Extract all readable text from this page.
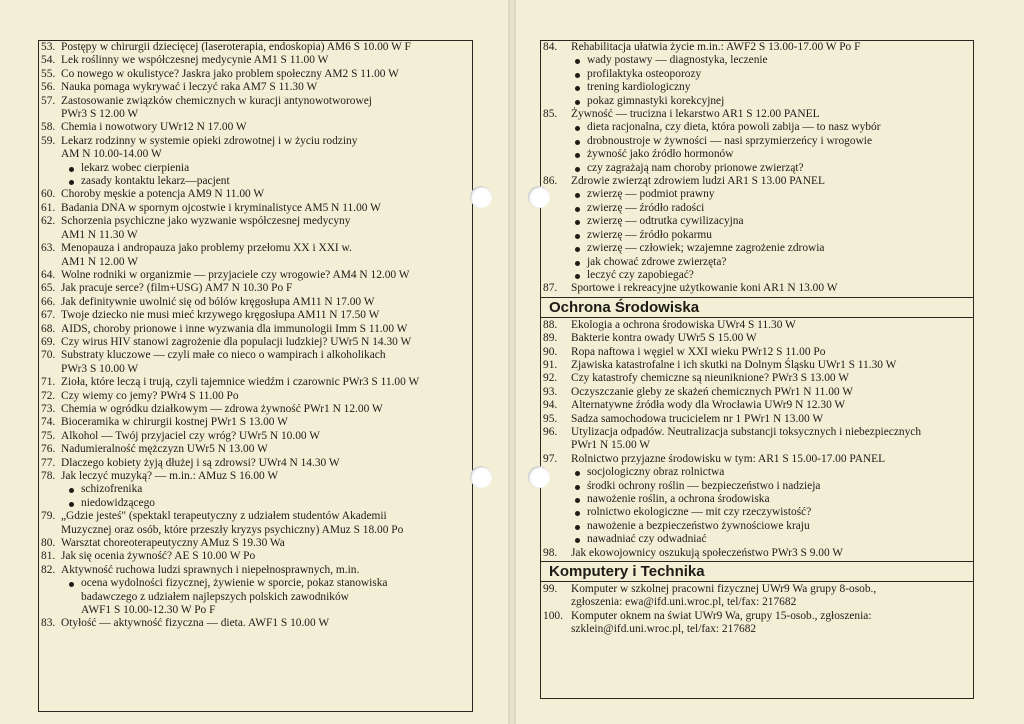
53. Postępy w chirurgii dziecięcej (laseroterapia, endoskopia) AM6 S 10.00 W F
54. Lek roślinny we współczesnej medycynie AM1 S 11.00 W
55. Co nowego w okulistyce? Jaskra jako problem społeczny AM2 S 11.00 W
56. Nauka pomaga wykrywać i leczyć raka AM7 S 11.30 W
57. Zastosowanie związków chemicznych w kuracji antynowotworowej
PWr3 S 12.00 W
58. Chemia i nowotwory UWr12 N 17.00 W
59. Lekarz rodzinny w systemie opieki zdrowotnej i w życiu rodziny
AM N 10.00-14.00 W
lekarz wobec cierpienia
zasady kontaktu lekarz—pacjent
60. Choroby męskie a potencja AM9 N 11.00 W
61. Badania DNA w spornym ojcostwie i kryminalistyce AM5 N 11.00 W
62. Schorzenia psychiczne jako wyzwanie współczesnej medycyny
AM1 N 11.30 W
63. Menopauza i andropauza jako problemy przełomu XX i XXI w.
AM1 N 12.00 W
64. Wolne rodniki w organizmie — przyjaciele czy wrogowie? AM4 N 12.00 W
65. Jak pracuje serce? (film+USG) AM7 N 10.30 Po F
66. Jak definitywnie uwolnić się od bólów kręgosłupa AM11 N 17.00 W
67. Twoje dziecko nie musi mieć krzywego kręgosłupa AM11 N 17.50 W
68. AIDS, choroby prionowe i inne wyzwania dla immunologii Imm S 11.00 W
69. Czy wirus HIV stanowi zagrożenie dla populacji ludzkiej? UWr5 N 14.30 W
70. Substraty kluczowe — czyli małe co nieco o wampirach i alkoholikach
PWr3 S 10.00 W
71. Zioła, które leczą i trują, czyli tajemnice wiedźm i czarownic PWr3 S 11.00 W
72. Czy wiemy co jemy? PWr4 S 11.00 Po
73. Chemia w ogródku działkowym — zdrowa żywność PWr1 N 12.00 W
74. Bioceramika w chirurgii kostnej PWr1 S 13.00 W
75. Alkohol — Twój przyjaciel czy wróg? UWr5 N 10.00 W
76. Nadumieralność mężczyzn UWr5 N 13.00 W
77. Dlaczego kobiety żyją dłużej i są zdrowsi? UWr4 N 14.30 W
78. Jak leczyć muzyką? — m.in.: AMuz S 16.00 W
schizofrenika
niedowidzącego
79. „Gdzie jesteś" (spektakl terapeutyczny z udziałem studentów Akademii
Muzycznej oraz osób, które przeszły kryzys psychiczny) AMuz S 18.00 Po
80. Warsztat choreoterapeutyczny AMuz S 19.30 Wa
81. Jak się ocenia żywność? AE S 10.00 W Po
82. Aktywność ruchowa ludzi sprawnych i niepełnosprawnych, m.in.
ocena wydolności fizycznej, żywienie w sporcie, pokaz stanowiska
badawczego z udziałem najlepszych polskich zawodników
AWF1 S 10.00-12.30 W Po F
83. Otyłość — aktywność fizyczna — dieta. AWF1 S 10.00 W
84. Rehabilitacja ułatwia życie m.in.: AWF2 S 13.00-17.00 W Po F
wady postawy — diagnostyka, leczenie
profilaktyka osteoporozy
trening kardiologiczny
pokaz gimnastyki korekcyjnej
85. Żywność — trucizna i lekarstwo AR1 S 12.00 PANEL
dieta racjonalna, czy dieta, która powoli zabija — to nasz wybór
drobnoustroje w żywności — nasi sprzymierzeńcy i wrogowie
żywność jako źródło hormonów
czy zagrażają nam choroby prionowe zwierząt?
86. Zdrowie zwierząt zdrowiem ludzi AR1 S 13.00 PANEL
zwierzę — podmiot prawny
zwierzę — źródło radości
zwierzę — odtrutka cywilizacyjna
zwierzę — źródło pokarmu
zwierzę — człowiek; wzajemne zagrożenie zdrowia
jak chować zdrowe zwierzęta?
leczyć czy zapobiegać?
87. Sportowe i rekreacyjne użytkowanie koni AR1 N 13.00 W
Ochrona Środowiska
88. Ekologia a ochrona środowiska UWr4 S 11.30 W
89. Bakterie kontra owady UWr5 S 15.00 W
90. Ropa naftowa i węgiel w XXI wieku PWr12 S 11.00 Po
91. Zjawiska katastrofalne i ich skutki na Dolnym Śląsku UWr1 S 11.30 W
92. Czy katastrofy chemiczne są nieuniknione? PWr3 S 13.00 W
93. Oczyszczanie gleby ze skażeń chemicznych PWr1 N 11.00 W
94. Alternatywne źródła wody dla Wrocławia UWr9 N 12.30 W
95. Sadza samochodowa trucicielem nr 1 PWr1 N 13.00 W
96. Utylizacja odpadów. Neutralizacja substancji toksycznych i niebezpiecznych
PWr1 N 15.00 W
97. Rolnictwo przyjazne środowisku w tym: AR1 S 15.00-17.00 PANEL
socjologiczny obraz rolnictwa
środki ochrony roślin — bezpieczeństwo i nadzieja
nawożenie roślin, a ochrona środowiska
rolnictwo ekologiczne — mit czy rzeczywistość?
nawożenie a bezpieczeństwo żywnościowe kraju
nawadniać czy odwadniać
98. Jak ekowojownicy oszukują społeczeństwo PWr3 S 9.00 W
Komputery i Technika
99. Komputer w szkolnej pracowni fizycznej UWr9 Wa grupy 8-osob.,
zgłoszenia: ewa@ifd.uni.wroc.pl, tel/fax: 217682
100. Komputer oknem na świat UWr9 Wa, grupy 15-osob., zgłoszenia:
szklein@ifd.uni.wroc.pl, tel/fax: 217682
